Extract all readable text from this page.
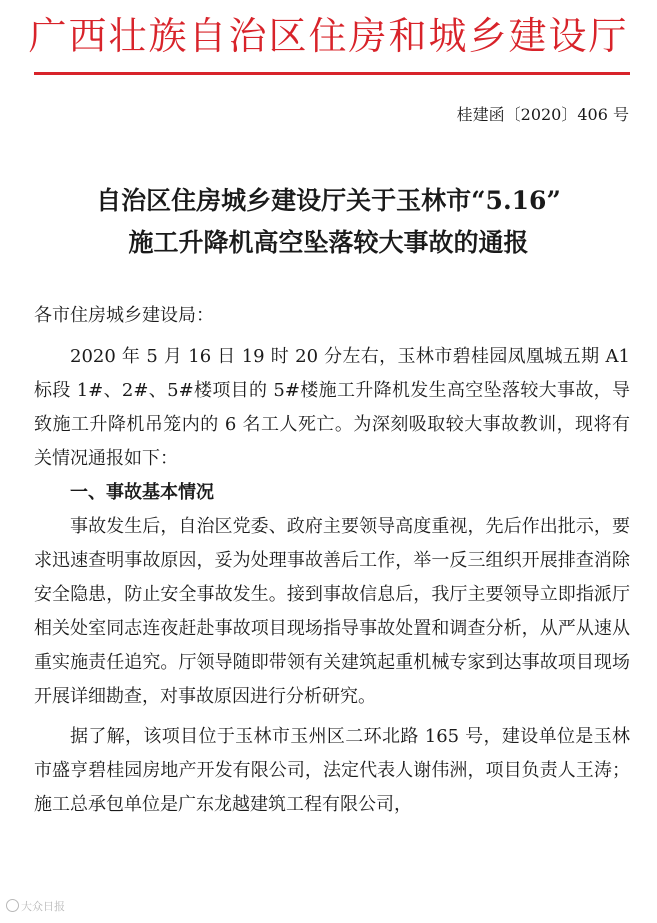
广西壮族自治区住房和城乡建设厅
桂建函〔2020〕406 号
自治区住房城乡建设厅关于玉林市“5.16”
施工升降机高空坠落较大事故的通报
各市住房城乡建设局：

2020 年 5 月 16 日 19 时 20 分左右，玉林市碧桂园凤凰城五期 A1 标段 1#、2#、5#楼项目的 5#楼施工升降机发生高空坠落较大事故，导致施工升降机吊笼内的 6 名工人死亡。为深刻吸取较大事故教训，现将有关情况通报如下：

一、事故基本情况

事故发生后，自治区党委、政府主要领导高度重视，先后作出批示，要求迅速查明事故原因，妥为处理事故善后工作，举一反三组织开展排查消除安全隐患，防止安全事故发生。接到事故信息后，我厅主要领导立即指派厅相关处室同志连夜赶赴事故项目现场指导事故处置和调查分析，从严从速从重实施责任追究。厅领导随即带领有关建筑起重机械专家到达事故项目现场开展详细勘查，对事故原因进行分析研究。

据了解，该项目位于玉林市玉州区二环北路 165 号，建设单位是玉林市盛亨碧桂园房地产开发有限公司，法定代表人谢伟洲，项目负责人王涛；施工总承包单位是广东龙越建筑工程有限公司，

大众日报
